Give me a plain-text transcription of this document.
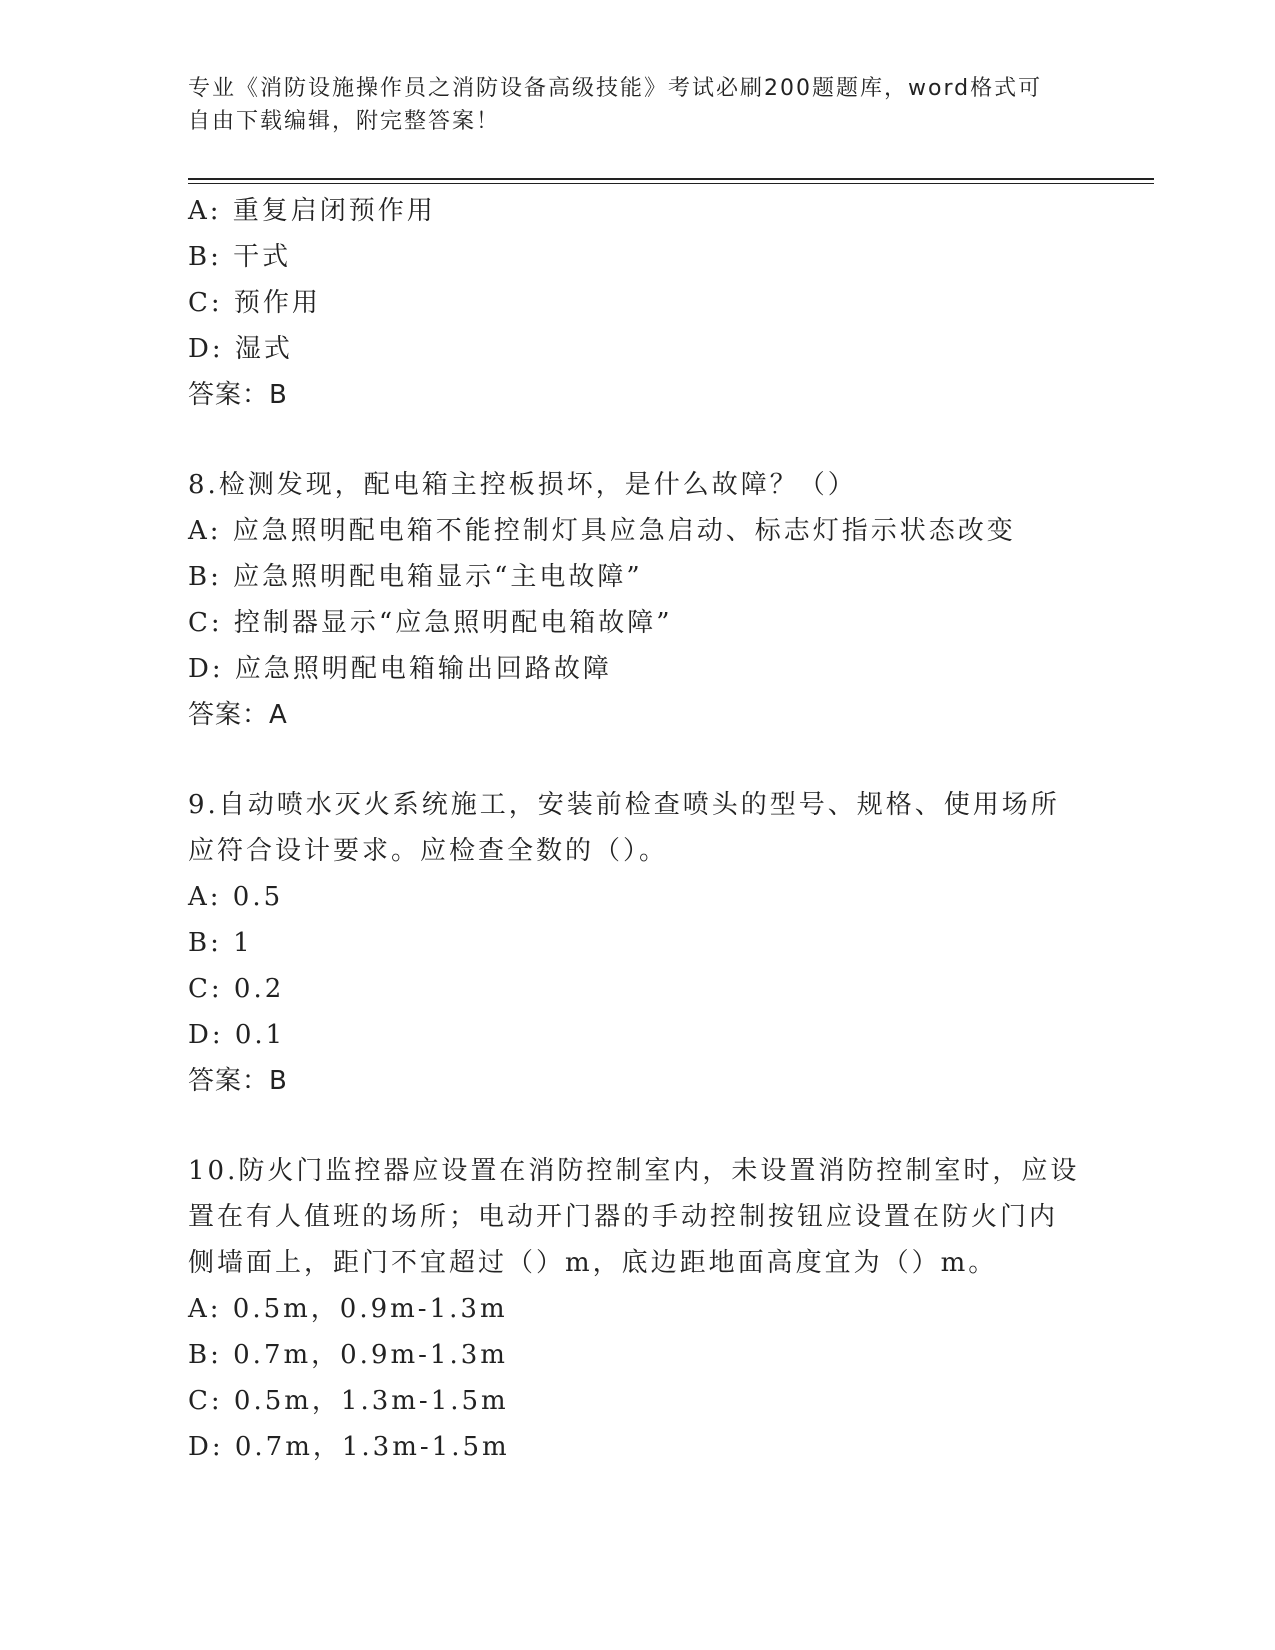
专业《消防设施操作员之消防设备高级技能》考试必刷200题题库，word格式可
自由下载编辑，附完整答案！
A: 重复启闭预作用
B: 干式
C: 预作用
D: 湿式
答案：B
8.检测发现，配电箱主控板损坏，是什么故障？（）
A: 应急照明配电箱不能控制灯具应急启动、标志灯指示状态改变
B: 应急照明配电箱显示“主电故障”
C: 控制器显示“应急照明配电箱故障”
D: 应急照明配电箱输出回路故障
答案：A
9.自动喷水灭火系统施工，安装前检查喷头的型号、规格、使用场所
应符合设计要求。应检查全数的（）。
A: 0.5
B: 1
C: 0.2
D: 0.1
答案：B
10.防火门监控器应设置在消防控制室内，未设置消防控制室时，应设
置在有人值班的场所；电动开门器的手动控制按钮应设置在防火门内
侧墙面上，距门不宜超过（）m，底边距地面高度宜为（）m。
A: 0.5m，0.9m-1.3m
B: 0.7m，0.9m-1.3m
C: 0.5m，1.3m-1.5m
D: 0.7m，1.3m-1.5m
